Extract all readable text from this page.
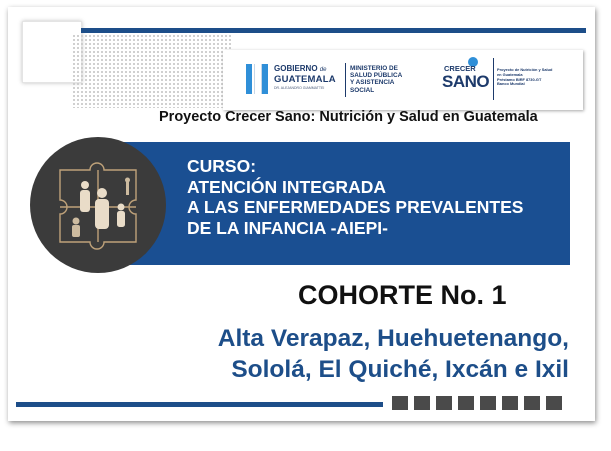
GOBIERNO de
GUATEMALA
DR. ALEJANDRO GIAMMATTEI
MINISTERIO DE
SALUD PÚBLICA
Y ASISTENCIA
SOCIAL
CRECER
SANO
Proyecto de Nutrición y Salud
en Guatemala
Préstamo BIRF 8730-GT
Banco Mundial
Proyecto Crecer Sano: Nutrición y Salud en Guatemala
CURSO:
ATENCIÓN INTEGRADA
A LAS ENFERMEDADES PREVALENTES
DE LA INFANCIA -AIEPI-
COHORTE No. 1
Alta Verapaz, Huehuetenango,
Sololá, El Quiché, Ixcán e Ixil
